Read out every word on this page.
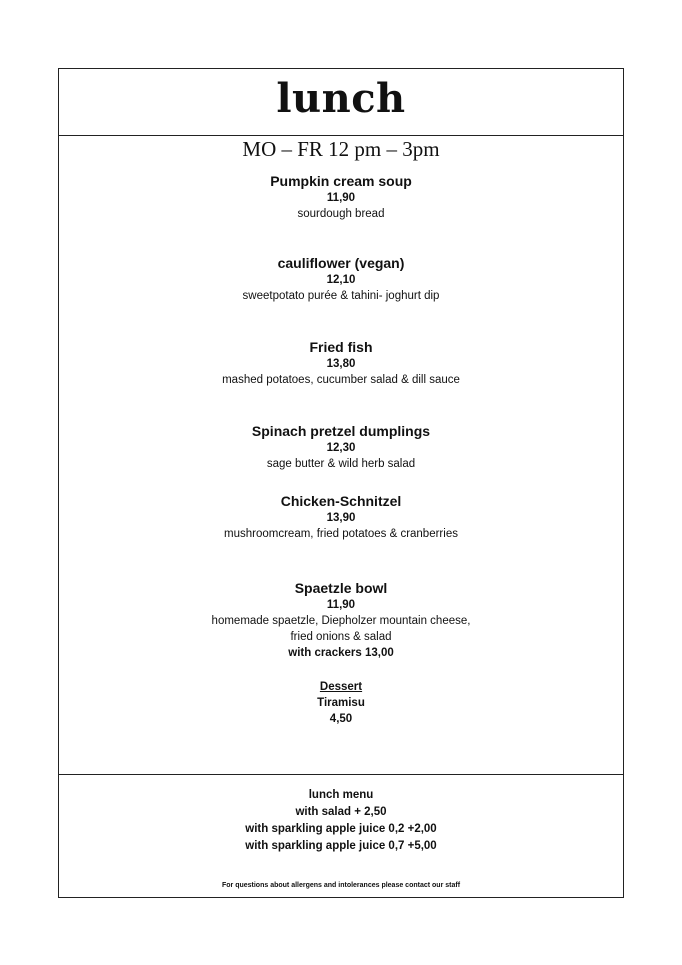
lunch
MO – FR 12 pm – 3pm
Pumpkin cream soup
11,90
sourdough bread
cauliflower (vegan)
12,10
sweetpotato purée & tahini- joghurt dip
Fried fish
13,80
mashed potatoes, cucumber salad & dill sauce
Spinach pretzel dumplings
12,30
sage butter & wild herb salad
Chicken-Schnitzel
13,90
mushroomcream, fried potatoes & cranberries
Spaetzle bowl
11,90
homemade spaetzle, Diepholzer mountain cheese,
fried onions & salad
with crackers 13,00
Dessert
Tiramisu
4,50
lunch menu
with salad + 2,50
with sparkling apple juice 0,2 +2,00
with sparkling apple juice 0,7 +5,00
For questions about allergens and intolerances please contact our staff
